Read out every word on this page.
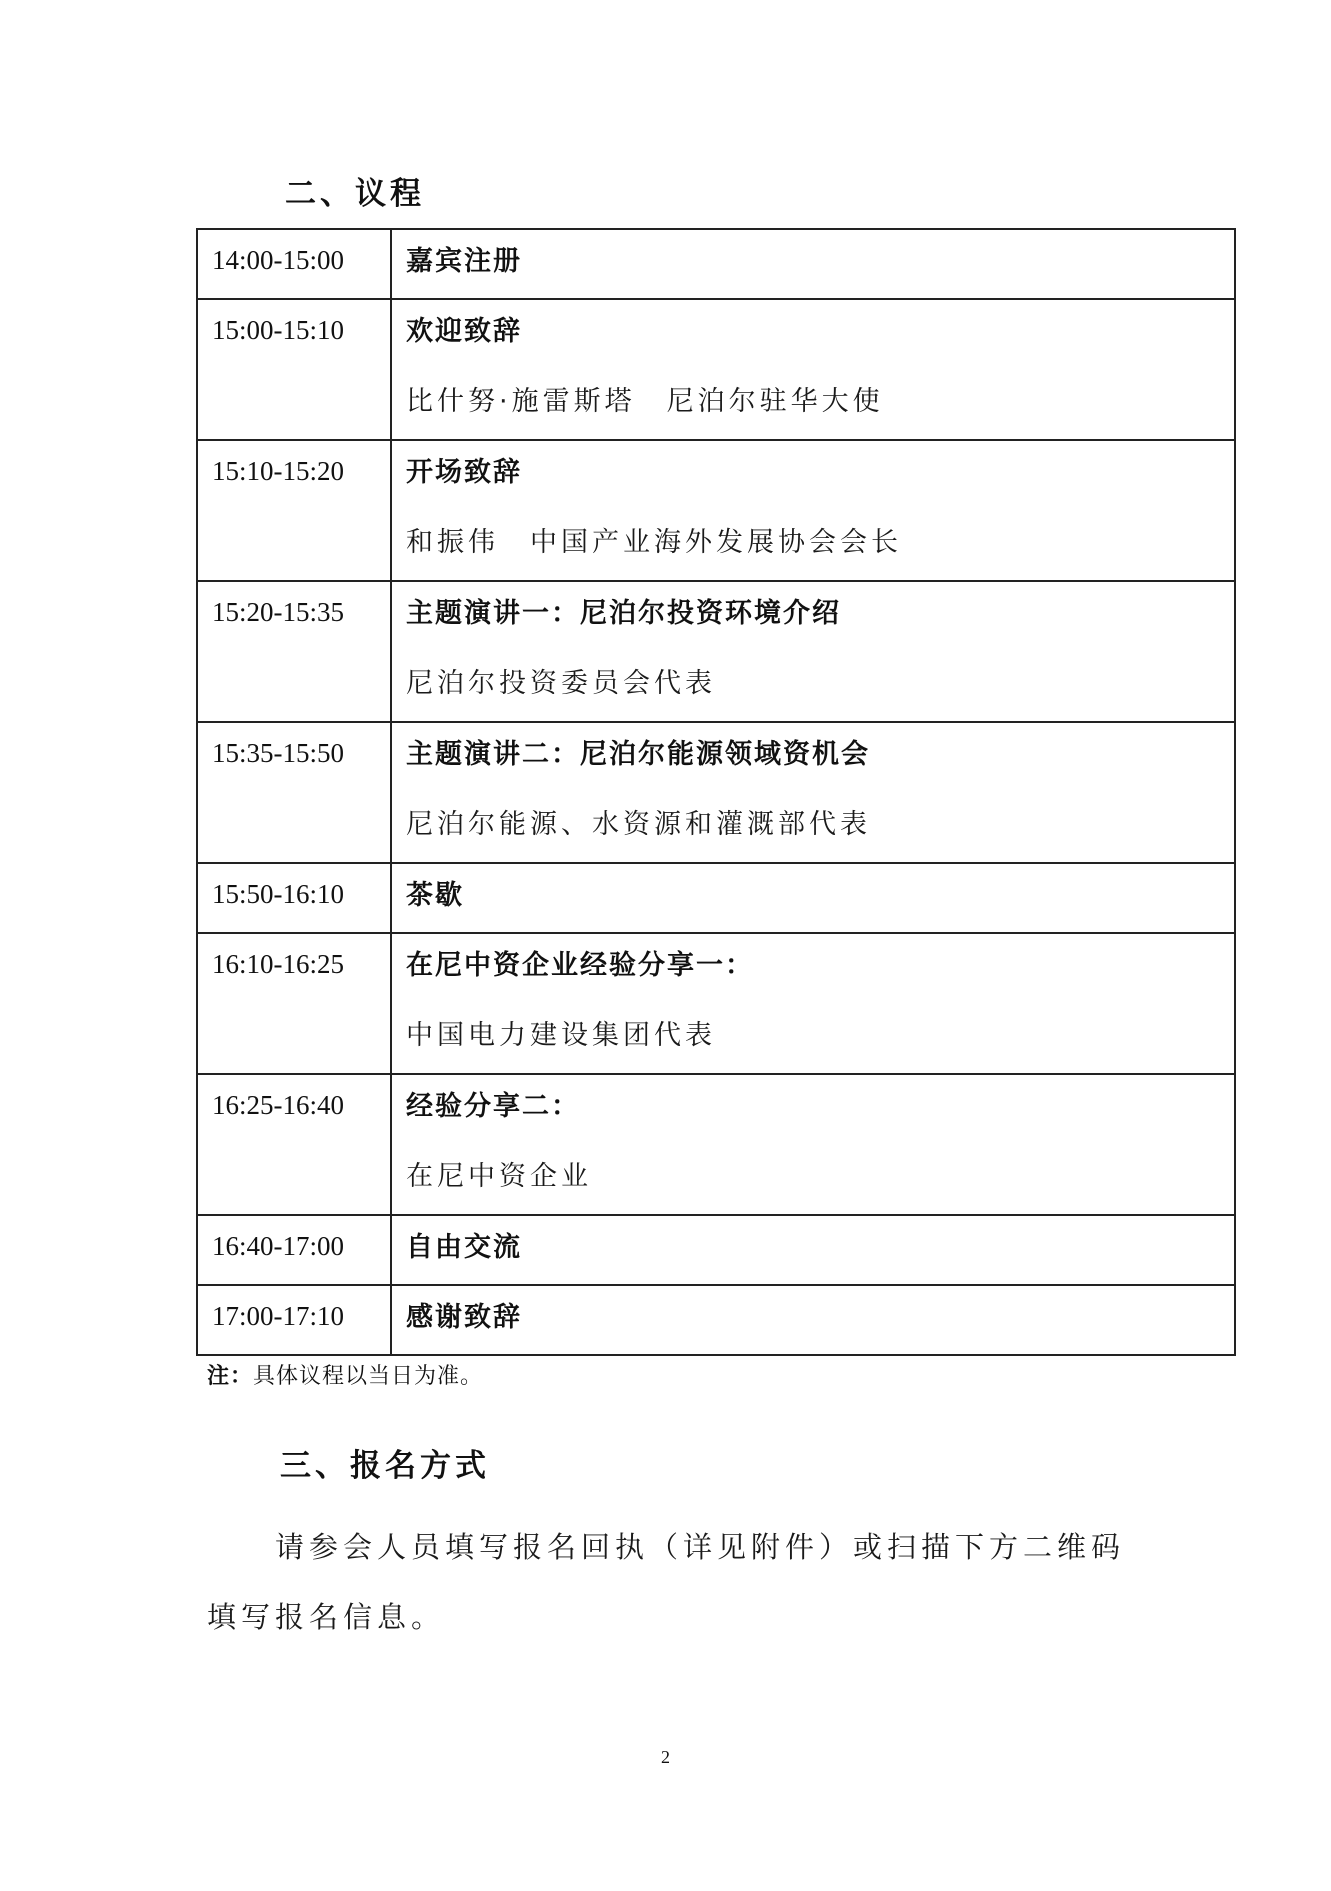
二、议程
14:00-15:00	嘉宾注册

15:00-15:10	欢迎致辞
比什努·施雷斯塔　尼泊尔驻华大使

15:10-15:20	开场致辞
和振伟　中国产业海外发展协会会长

15:20-15:35	主题演讲一：尼泊尔投资环境介绍
尼泊尔投资委员会代表

15:35-15:50	主题演讲二：尼泊尔能源领域资机会
尼泊尔能源、水资源和灌溉部代表

15:50-16:10	茶歇

16:10-16:25	在尼中资企业经验分享一：
中国电力建设集团代表

16:25-16:40	经验分享二：
在尼中资企业

16:40-17:00	自由交流

17:00-17:10	感谢致辞
注：具体议程以当日为准。
三、报名方式
请参会人员填写报名回执（详见附件）或扫描下方二维码填写报名信息。
2
